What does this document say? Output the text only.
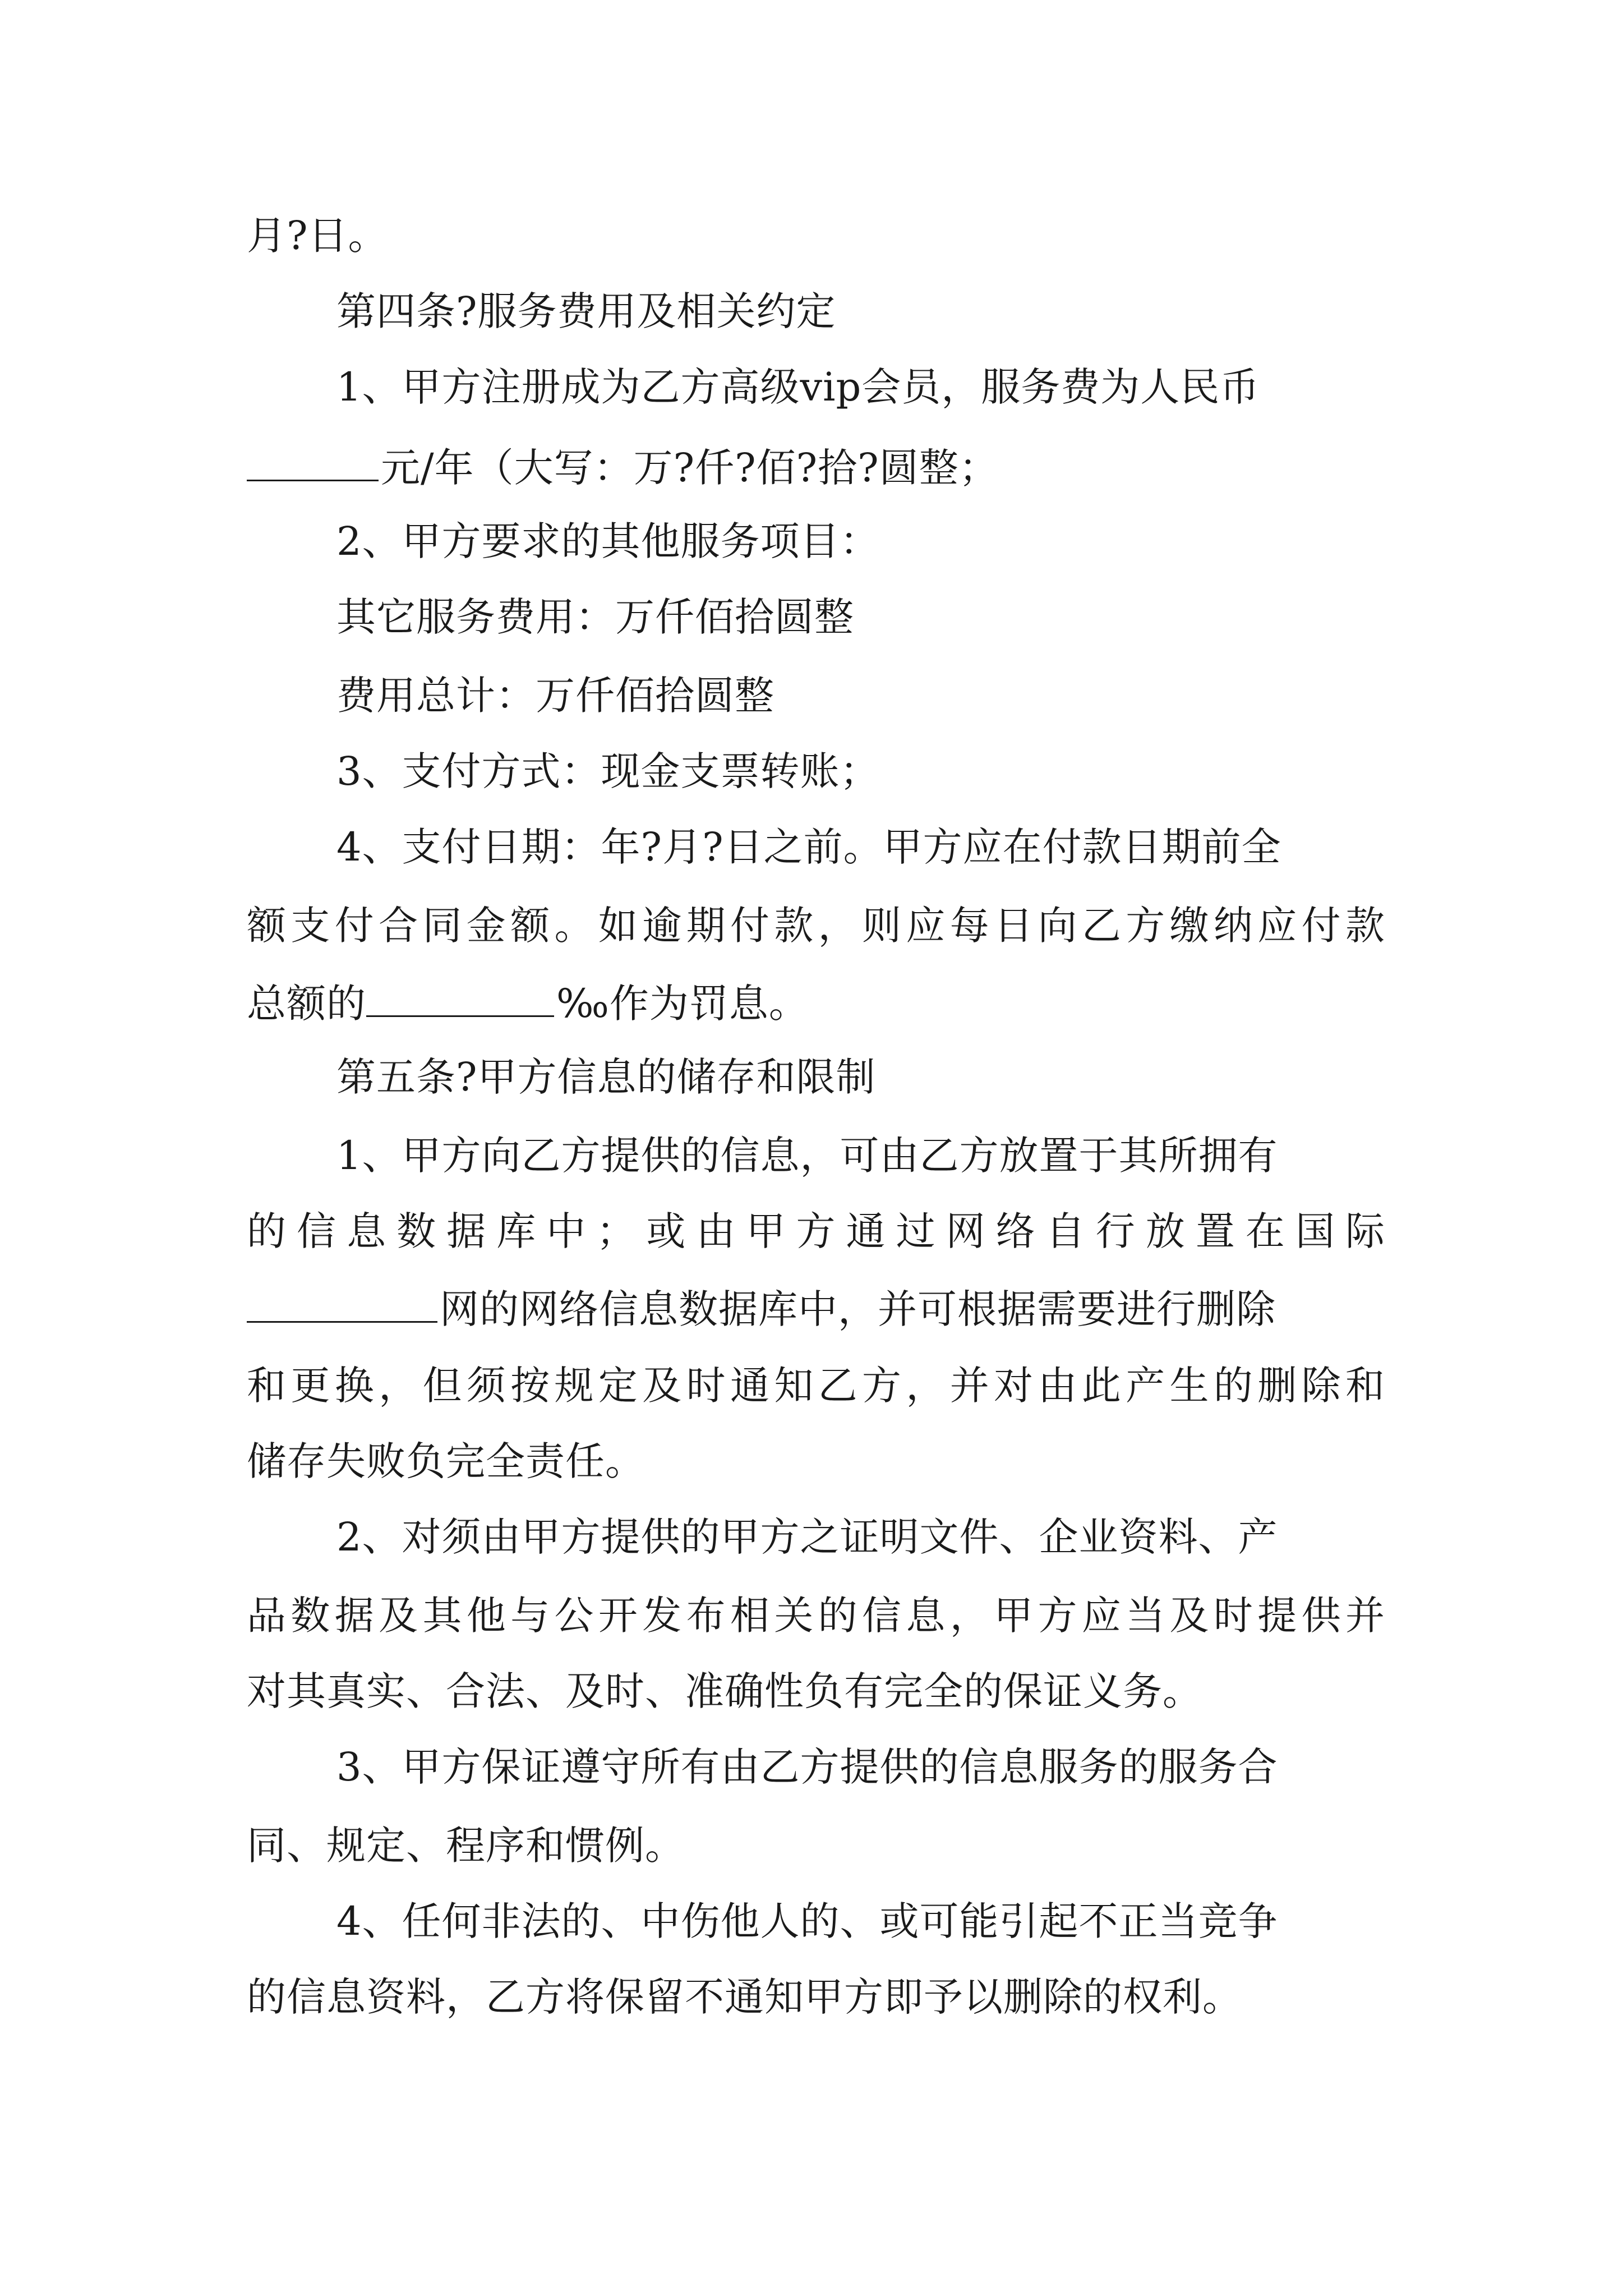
月?日。
第四条?服务费用及相关约定
1、甲方注册成为乙方高级vip会员，服务费为人民币
元/年（大写：万?仟?佰?拾?圆整；
2、甲方要求的其他服务项目：
其它服务费用：万仟佰拾圆整
费用总计：万仟佰拾圆整
3、支付方式：现金支票转账；
4、支付日期：年?月?日之前。甲方应在付款日期前全
额支付合同金额。如逾期付款，则应每日向乙方缴纳应付款
总额的	‰作为罚息。
第五条?甲方信息的储存和限制
1、甲方向乙方提供的信息，可由乙方放置于其所拥有
的信息数据库中；或由甲方通过网络自行放置在国际
网的网络信息数据库中，并可根据需要进行删除
和更换，但须按规定及时通知乙方，并对由此产生的删除和
储存失败负完全责任。
2、对须由甲方提供的甲方之证明文件、企业资料、产
品数据及其他与公开发布相关的信息，甲方应当及时提供并
对其真实、合法、及时、准确性负有完全的保证义务。
3、甲方保证遵守所有由乙方提供的信息服务的服务合
同、规定、程序和惯例。
4、任何非法的、中伤他人的、或可能引起不正当竞争
的信息资料，乙方将保留不通知甲方即予以删除的权利。
